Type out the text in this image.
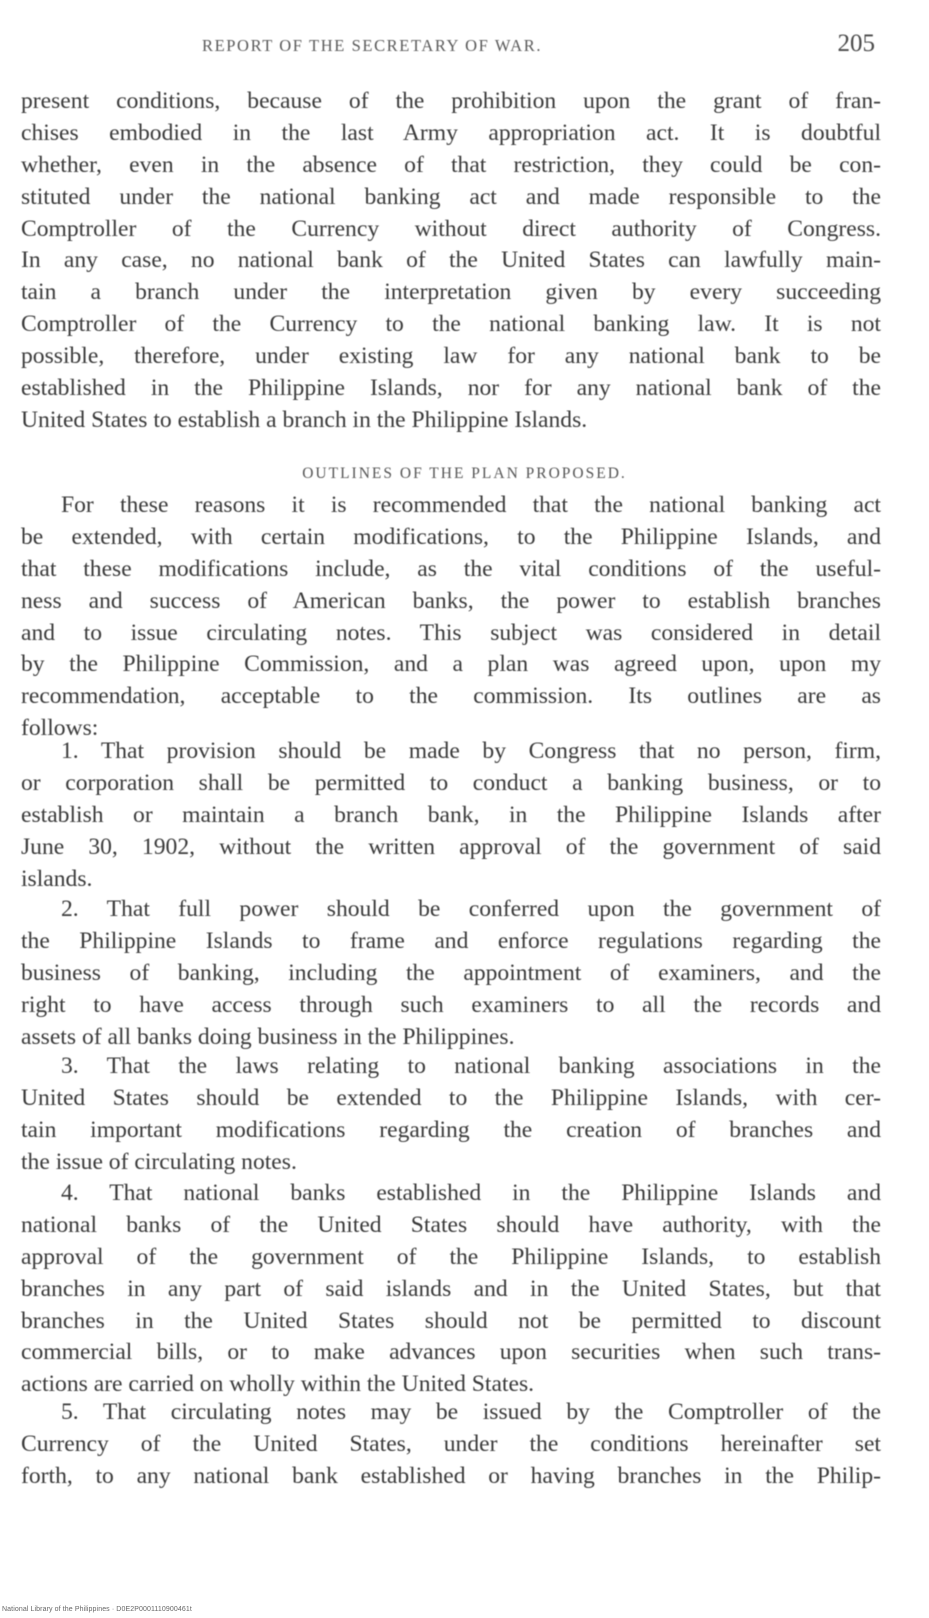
REPORT OF THE SECRETARY OF WAR.	205
present conditions, because of the prohibition upon the grant of fran-
chises embodied in the last Army appropriation act. It is doubtful
whether, even in the absence of that restriction, they could be con-
stituted under the national banking act and made responsible to the
Comptroller of the Currency without direct authority of Congress.
In any case, no national bank of the United States can lawfully main-
tain a branch under the interpretation given by every succeeding
Comptroller of the Currency to the national banking law. It is not
possible, therefore, under existing law for any national bank to be
established in the Philippine Islands, nor for any national bank of the
United States to establish a branch in the Philippine Islands.
OUTLINES OF THE PLAN PROPOSED.
For these reasons it is recommended that the national banking act
be extended, with certain modifications, to the Philippine Islands, and
that these modifications include, as the vital conditions of the useful-
ness and success of American banks, the power to establish branches
and to issue circulating notes. This subject was considered in detail
by the Philippine Commission, and a plan was agreed upon, upon my
recommendation, acceptable to the commission. Its outlines are as
follows:
1. That provision should be made by Congress that no person, firm,
or corporation shall be permitted to conduct a banking business, or to
establish or maintain a branch bank, in the Philippine Islands after
June 30, 1902, without the written approval of the government of said
islands.
2. That full power should be conferred upon the government of
the Philippine Islands to frame and enforce regulations regarding the
business of banking, including the appointment of examiners, and the
right to have access through such examiners to all the records and
assets of all banks doing business in the Philippines.
3. That the laws relating to national banking associations in the
United States should be extended to the Philippine Islands, with cer-
tain important modifications regarding the creation of branches and
the issue of circulating notes.
4. That national banks established in the Philippine Islands and
national banks of the United States should have authority, with the
approval of the government of the Philippine Islands, to establish
branches in any part of said islands and in the United States, but that
branches in the United States should not be permitted to discount
commercial bills, or to make advances upon securities when such trans-
actions are carried on wholly within the United States.
5. That circulating notes may be issued by the Comptroller of the
Currency of the United States, under the conditions hereinafter set
forth, to any national bank established or having branches in the Philip-
National Library of the Philippines · D0E2P0001110900461t
